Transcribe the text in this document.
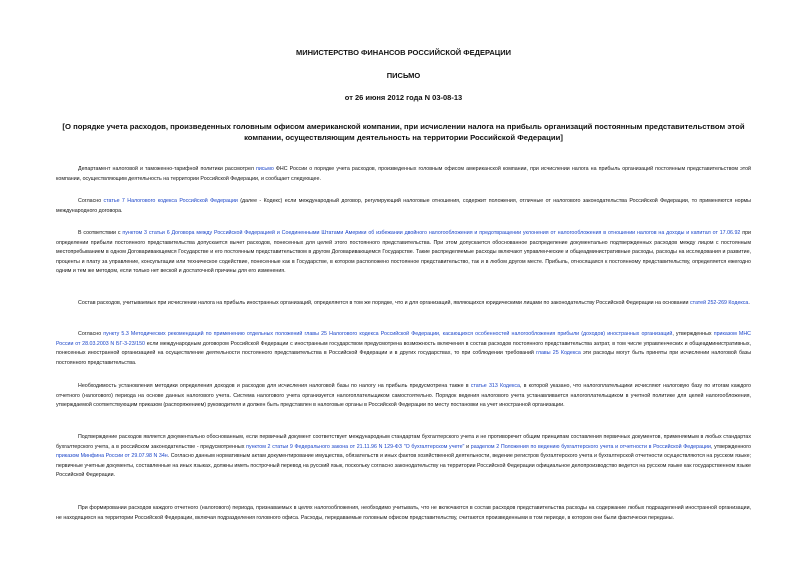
МИНИСТЕРСТВО ФИНАНСОВ РОССИЙСКОЙ ФЕДЕРАЦИИ
ПИСЬМО
от 26 июня 2012 года N 03-08-13
[О порядке учета расходов, произведенных головным офисом американской компании, при исчислении налога на прибыль организаций постоянным представительством этой компании, осуществляющим деятельность на территории Российской Федерации]

Департамент налоговой и таможенно-тарифной политики рассмотрел письмо ФНС России о порядке учета расходов, произведенных головным офисом американской компании, при исчислении налога на прибыль организаций постоянным представительством этой компании, осуществляющим деятельность на территории Российской Федерации, и сообщает следующее.

Согласно статье 7 Налогового кодекса Российской Федерации (далее - Кодекс) если международный договор, регулирующий налоговые отношения, содержит положения, отличные от налогового законодательства Российской Федерации, то применяются нормы международного договора.

В соответствии с пунктом 3 статьи 6 Договора между Российской Федерацией и Соединенными Штатами Америки об избежании двойного налогообложения и предотвращении уклонения от налогообложения в отношении налогов на доходы и капитал от 17.06.92 при определении прибыли постоянного представительства допускается вычет расходов, понесенных для целей этого постоянного представительства. При этом допускается обоснованное распределение документально подтвержденных расходов между лицом с постоянным местопребыванием в одном Договаривающемся Государстве и его постоянным представительством в другом Договаривающемся Государстве. Такие распределяемые расходы включают управленческие и общеадминистративные расходы, расходы на исследования и развитие, проценты и плату за управление, консультации или техническое содействие, понесенные как в Государстве, в котором расположено постоянное представительство, так и в любом другом месте. Прибыль, относящаяся к постоянному представительству, определяется ежегодно одним и тем же методом, если только нет веской и достаточной причины для его изменения.

Состав расходов, учитываемых при исчислении налога на прибыль иностранных организаций, определяется в том же порядке, что и для организаций, являющихся юридическими лицами по законодательству Российской Федерации на основании статей 252-269 Кодекса.

Согласно пункту 5.3 Методических рекомендаций по применению отдельных положений главы 25 Налогового кодекса Российской Федерации, касающихся особенностей налогообложения прибыли (доходов) иностранных организаций, утвержденных приказом МНС России от 28.03.2003 N БГ-3-23/150 если международным договором Российской Федерации с иностранным государством предусмотрена возможность включения в состав расходов постоянного представительства затрат, в том числе управленческих и общеадминистративных, понесенных иностранной организацией на осуществление деятельности постоянного представительства в Российской Федерации и в других государствах, то при соблюдении требований главы 25 Кодекса эти расходы могут быть приняты при исчислении налоговой базы постоянного представительства.

Необходимость установления методики определения доходов и расходов для исчисления налоговой базы по налогу на прибыль предусмотрена также в статье 313 Кодекса, в которой указано, что налогоплательщики исчисляют налоговую базу по итогам каждого отчетного (налогового) периода на основе данных налогового учета. Система налогового учета организуется налогоплательщиком самостоятельно. Порядок ведения налогового учета устанавливается налогоплательщиком в учетной политике для целей налогообложения, утверждаемой соответствующим приказом (распоряжением) руководителя и должен быть представлен в налоговые органы в Российской Федерации по месту постановки на учет иностранной организации.

Подтверждение расходов является документально обоснованным, если первичный документ соответствует международным стандартам бухгалтерского учета и не противоречит общим принципам составления первичных документов, применяемым в любых стандартах бухгалтерского учета, а в российском законодательстве - предусмотренных пунктом 2 статьи 9 Федерального закона от 21.11.96 N 129-ФЗ "О бухгалтерском учете" и разделом 2 Положения по ведению бухгалтерского учета и отчетности в Российской Федерации, утвержденного приказом Минфина России от 29.07.98 N 34н. Согласно данным нормативным актам документирование имущества, обязательств и иных фактов хозяйственной деятельности, ведение регистров бухгалтерского учета и бухгалтерской отчетности осуществляются на русском языке; первичные учетные документы, составленные на иных языках, должны иметь построчный перевод на русский язык, поскольку согласно законодательству на территории Российской Федерации официальное делопроизводство ведется на русском языке как государственном языке Российской Федерации.

При формировании расходов каждого отчетного (налогового) периода, признаваемых в целях налогообложения, необходимо учитывать, что не включаются в состав расходов представительства расходы на содержание любых подразделений иностранной организации, не находящихся на территории Российской Федерации, включая подразделения головного офиса. Расходы, передаваемые головным офисом представительству, считаются произведенными в том периоде, в котором они были фактически переданы.
